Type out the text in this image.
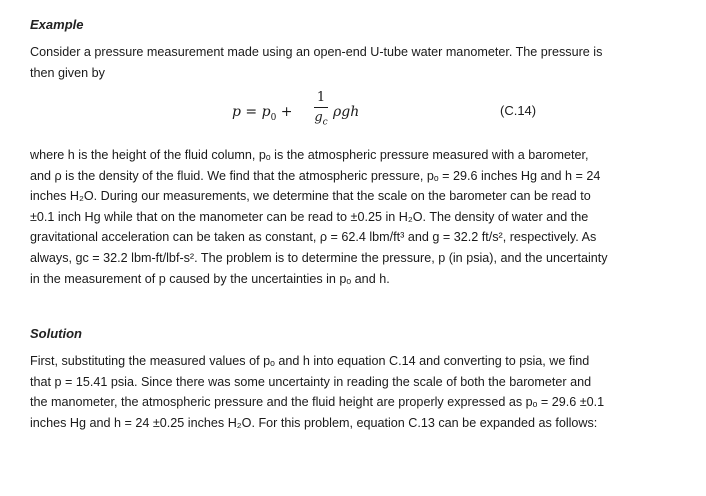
Example
Consider a pressure measurement made using an open-end U-tube water manometer. The pressure is
then given by
$p = p_0$ +
1
$g_c$
ρgh	(C.14)
where h is the height of the fluid column, pₒ is the atmospheric pressure measured with a barometer,
and ρ is the density of the fluid. We find that the atmospheric pressure, pₒ = 29.6 inches Hg and h = 24
inches H₂O. During our measurements, we determine that the scale on the barometer can be read to
±0.1 inch Hg while that on the manometer can be read to ±0.25 in H₂O. The density of water and the
gravitational acceleration can be taken as constant, ρ = 62.4 lbm/ft³ and g = 32.2 ft/s², respectively. As
always, gᴄ = 32.2 lbm-ft/lbf-s². The problem is to determine the pressure, p (in psia), and the uncertainty
in the measurement of p caused by the uncertainties in pₒ and h.
Solution
First, substituting the measured values of pₒ and h into equation C.14 and converting to psia, we find
that p = 15.41 psia. Since there was some uncertainty in reading the scale of both the barometer and
the manometer, the atmospheric pressure and the fluid height are properly expressed as pₒ = 29.6 ±0.1
inches Hg and h = 24 ±0.25 inches H₂O. For this problem, equation C.13 can be expanded as follows:
